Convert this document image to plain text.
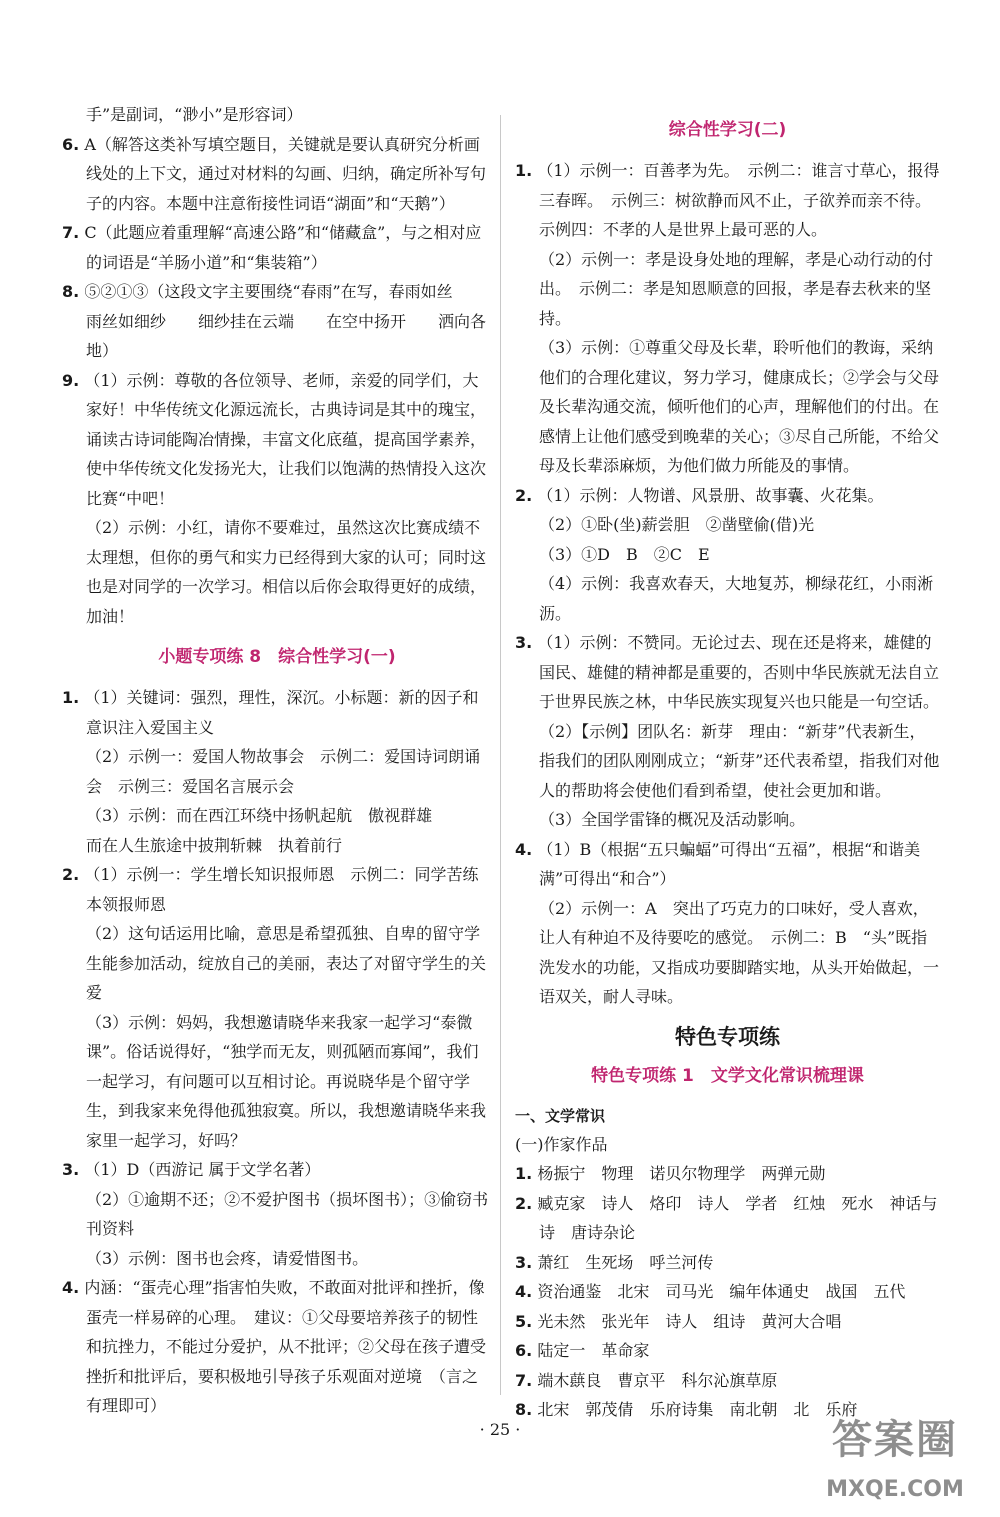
手”是副词，“渺小”是形容词）
6. A（解答这类补写填空题目，关键就是要认真研究分析画线处的上下文，通过对材料的勾画、归纳，确定所补写句子的内容。本题中注意衔接性词语“湖面”和“天鹅”）
7. C（此题应着重理解“高速公路”和“储藏盒”，与之相对应的词语是“羊肠小道”和“集装箱”）
8. ⑤②①③（这段文字主要围绕“春雨”在写，春雨如丝　　雨丝如细纱　　细纱挂在云端　　在空中扬开　　洒向各地）
9. （1）示例：尊敬的各位领导、老师，亲爱的同学们，大家好！中华传统文化源远流长，古典诗词是其中的瑰宝，诵读古诗词能陶冶情操，丰富文化底蕴，提高国学素养，使中华传统文化发扬光大，让我们以饱满的热情投入这次比赛“中吧！
（2）示例：小红，请你不要难过，虽然这次比赛成绩不太理想，但你的勇气和实力已经得到大家的认可；同时这也是对同学的一次学习。相信以后你会取得更好的成绩，加油！
小题专项练 8　综合性学习(一)
1. （1）关键词：强烈，理性，深沉。小标题：新的因子和意识注入爱国主义
（2）示例一：爱国人物故事会　示例二：爱国诗词朗诵会　示例三：爱国名言展示会
（3）示例：而在西江环绕中扬帆起航　傲视群雄
而在人生旅途中披荆斩棘　执着前行
2. （1）示例一：学生增长知识报师恩　示例二：同学苦练本领报师恩
（2）这句话运用比喻，意思是希望孤独、自卑的留守学生能参加活动，绽放自己的美丽，表达了对留守学生的关爱
（3）示例：妈妈，我想邀请晓华来我家一起学习“泰微课”。俗话说得好，“独学而无友，则孤陋而寡闻”，我们一起学习，有问题可以互相讨论。再说晓华是个留守学生，到我家来免得他孤独寂寞。所以，我想邀请晓华来我家里一起学习，好吗？
3. （1）D（西游记 属于文学名著）
（2）①逾期不还；②不爱护图书（损坏图书）；③偷窃书刊资料
（3）示例：图书也会疼，请爱惜图书。
4. 内涵：“蛋壳心理”指害怕失败，不敢面对批评和挫折，像蛋壳一样易碎的心理。　建议：①父母要培养孩子的韧性和抗挫力，不能过分爱护，从不批评；②父母在孩子遭受挫折和批评后，要积极地引导孩子乐观面对逆境　（言之有理即可）
综合性学习(二)
1. （1）示例一：百善孝为先。　示例二：谁言寸草心，报得三春晖。　示例三：树欲静而风不止，子欲养而亲不待。　示例四：不孝的人是世界上最可恶的人。
（2）示例一：孝是设身处地的理解，孝是心动行动的付出。　示例二：孝是知恩顺意的回报，孝是春去秋来的坚持。
（3）示例：①尊重父母及长辈，聆听他们的教诲，采纳他们的合理化建议，努力学习，健康成长；②学会与父母及长辈沟通交流，倾听他们的心声，理解他们的付出。在感情上让他们感受到晚辈的关心；③尽自己所能，不给父母及长辈添麻烦，为他们做力所能及的事情。
2. （1）示例：人物谱、风景册、故事囊、火花集。
（2）①卧(坐)薪尝胆　②凿壁偷(借)光
（3）①D　B　②C　E
（4）示例：我喜欢春天，大地复苏，柳绿花红，小雨淅沥。
3. （1）示例：不赞同。无论过去、现在还是将来，雄健的国民、雄健的精神都是重要的，否则中华民族就无法自立于世界民族之林，中华民族实现复兴也只能是一句空话。
（2）【示例】团队名：新芽　理由：“新芽”代表新生，指我们的团队刚刚成立；“新芽”还代表希望，指我们对他人的帮助将会使他们看到希望，使社会更加和谐。
（3）全国学雷锋的概况及活动影响。
4. （1）B（根据“五只蝙蝠”可得出“五福”，根据“和谐美满”可得出“和合”）
（2）示例一：A　突出了巧克力的口味好，受人喜欢，让人有种迫不及待要吃的感觉。　示例二：B　“头”既指洗发水的功能，又指成功要脚踏实地，从头开始做起，一语双关，耐人寻味。
特色专项练
特色专项练 1　文学文化常识梳理课
一、文学常识
(一)作家作品
1. 杨振宁　物理　诺贝尔物理学　两弹元勋
2. 臧克家　诗人　烙印　诗人　学者　红烛　死水　神话与诗　唐诗杂论
3. 萧红　生死场　呼兰河传
4. 资治通鉴　北宋　司马光　编年体通史　战国　五代
5. 光未然　张光年　诗人　组诗　黄河大合唱
6. 陆定一　革命家
7. 端木蕻良　曹京平　科尔沁旗草原
8. 北宋　郭茂倩　乐府诗集　南北朝　北　乐府
· 25 ·	答案圈
MXQE.COM
